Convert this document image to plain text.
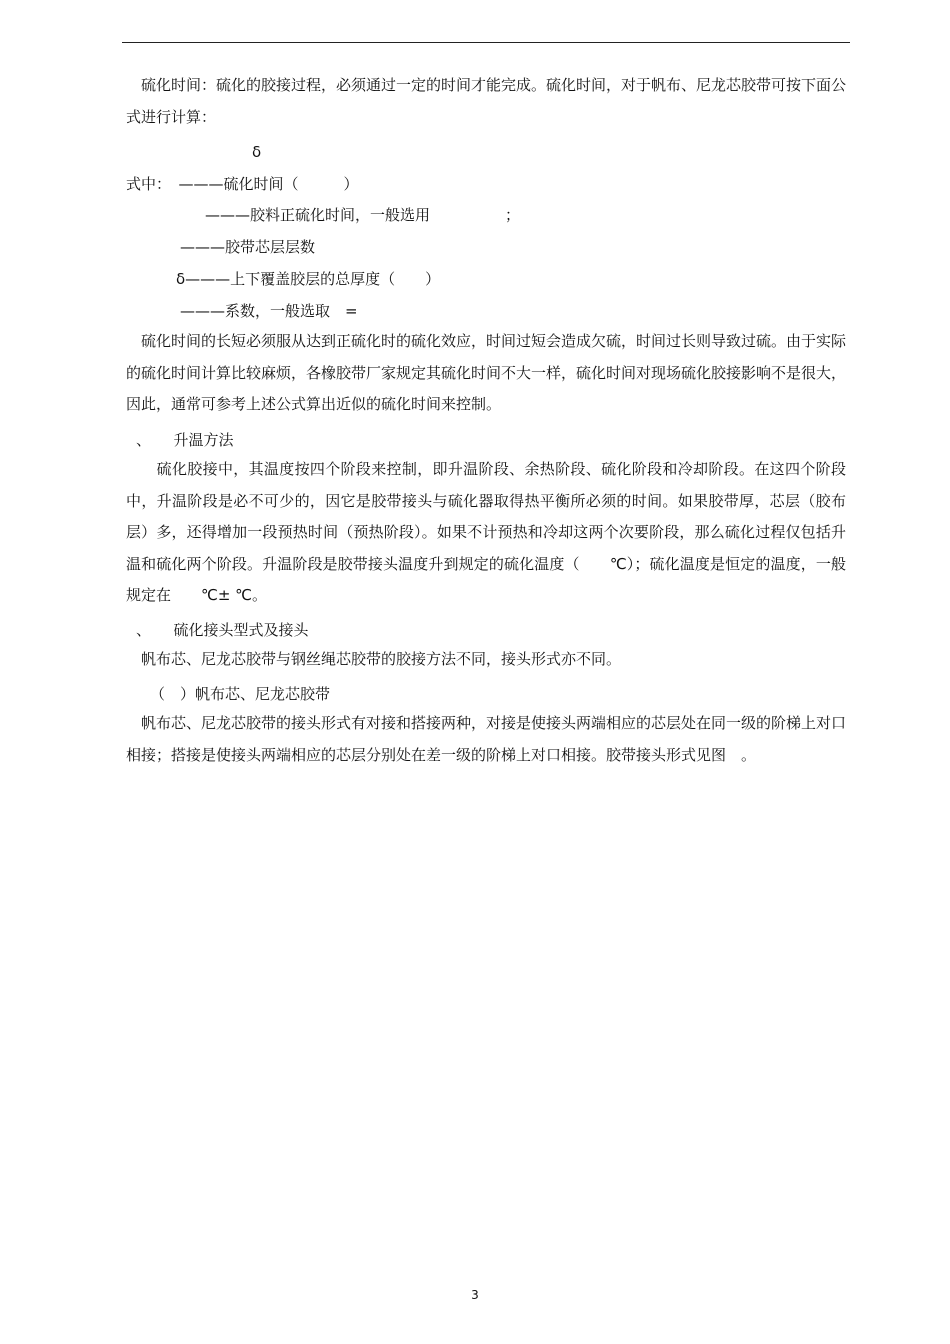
　硫化时间：硫化的胶接过程，必须通过一定的时间才能完成。硫化时间，对于帆布、尼龙芯胶带可按下面公式进行计算：

δ
式中：　———硫化时间（　　　）
———胶料正硫化时间，一般选用　　　　　；
———胶带芯层层数
δ———上下覆盖胶层的总厚度（　　）
———系数，一般选取　=

　硫化时间的长短必须服从达到正硫化时的硫化效应，时间过短会造成欠硫，时间过长则导致过硫。由于实际的硫化时间计算比较麻烦，各橡胶带厂家规定其硫化时间不大一样，硫化时间对现场硫化胶接影响不是很大，因此，通常可参考上述公式算出近似的硫化时间来控制。

、　　升温方法

　　硫化胶接中，其温度按四个阶段来控制，即升温阶段、余热阶段、硫化阶段和冷却阶段。在这四个阶段中，升温阶段是必不可少的，因它是胶带接头与硫化器取得热平衡所必须的时间。如果胶带厚，芯层（胶布层）多，还得增加一段预热时间（预热阶段）。如果不计预热和冷却这两个次要阶段，那么硫化过程仅包括升温和硫化两个阶段。升温阶段是胶带接头温度升到规定的硫化温度（　　℃）；硫化温度是恒定的温度，一般规定在　　℃± ℃。

、　　硫化接头型式及接头

　帆布芯、尼龙芯胶带与钢丝绳芯胶带的胶接方法不同，接头形式亦不同。

（　）帆布芯、尼龙芯胶带

　帆布芯、尼龙芯胶带的接头形式有对接和搭接两种，对接是使接头两端相应的芯层处在同一级的阶梯上对口相接；搭接是使接头两端相应的芯层分别处在差一级的阶梯上对口相接。胶带接头形式见图　。

3
